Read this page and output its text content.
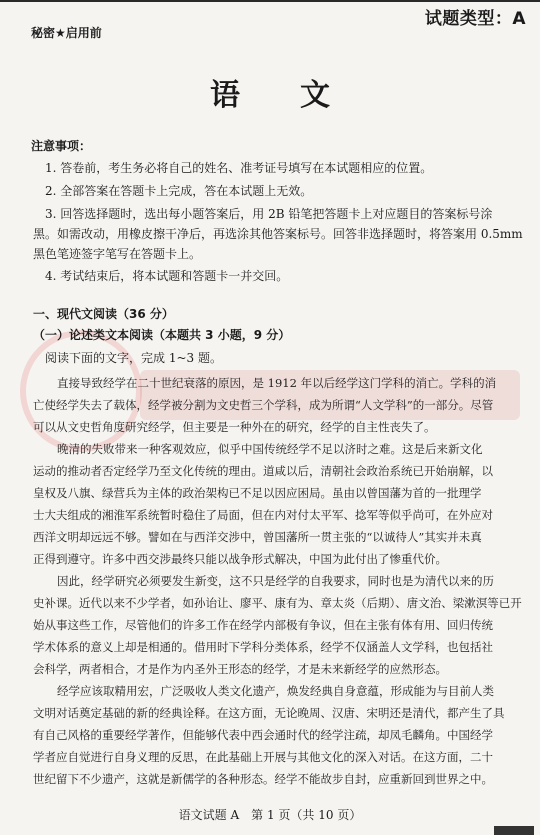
试题类型：A
秘密★启用前
语　　文
注意事项：
1. 答卷前，考生务必将自己的姓名、准考证号填写在本试题相应的位置。
2. 全部答案在答题卡上完成，答在本试题上无效。
3. 回答选择题时，选出每小题答案后，用 2B 铅笔把答题卡上对应题目的答案标号涂
黑。如需改动，用橡皮擦干净后，再选涂其他答案标号。回答非选择题时，将答案用 0.5mm
黑色笔迹签字笔写在答题卡上。
4. 考试结束后，将本试题和答题卡一并交回。
一、现代文阅读（36 分）
（一）论述类文本阅读（本题共 3 小题，9 分）
阅读下面的文字，完成 1~3 题。
直接导致经学在二十世纪衰落的原因，是 1912 年以后经学这门学科的消亡。学科的消
亡使经学失去了载体，经学被分割为文史哲三个学科，成为所谓“人文学科”的一部分。尽管
可以从文史哲角度研究经学，但主要是一种外在的研究，经学的自主性丧失了。
晚清的失败带来一种客观效应，似乎中国传统经学不足以济时之难。这是后来新文化
运动的推动者否定经学乃至文化传统的理由。道咸以后，清朝社会政治系统已开始崩解，以
皇权及八旗、绿营兵为主体的政治架构已不足以因应困局。虽由以曾国藩为首的一批理学
士大夫组成的湘淮军系统暂时稳住了局面，但在内对付太平军、捻军等似乎尚可，在外应对
西洋文明却远远不够。譬如在与西洋交涉中，曾国藩所一贯主张的“以诚待人”其实并未真
正得到遵守。许多中西交涉最终只能以战争形式解决，中国为此付出了惨重代价。
因此，经学研究必须要发生新变，这不只是经学的自我要求，同时也是为清代以来的历
史补课。近代以来不少学者，如孙诒让、廖平、康有为、章太炎（后期）、唐文治、梁漱溟等已开
始从事这些工作，尽管他们的许多工作在经学内部极有争议，但在主张有体有用、回归传统
学术体系的意义上却是相通的。借用时下学科分类体系，经学不仅涵盖人文学科，也包括社
会科学，两者相合，才是作为内圣外王形态的经学，才是未来新经学的应然形态。
经学应该取精用宏，广泛吸收人类文化遗产，焕发经典自身意蕴，形成能为与目前人类
文明对话奠定基础的新的经典诠释。在这方面，无论晚周、汉唐、宋明还是清代，都产生了具
有自己风格的重要经学著作，但能够代表中西会通时代的经学注疏，却凤毛麟角。中国经学
学者应自觉进行自身义理的反思，在此基础上开展与其他文化的深入对话。在这方面，二十
世纪留下不少遗产，这就是新儒学的各种形态。经学不能故步自封，应重新回到世界之中。
语文试题 A　第 1 页（共 10 页）
